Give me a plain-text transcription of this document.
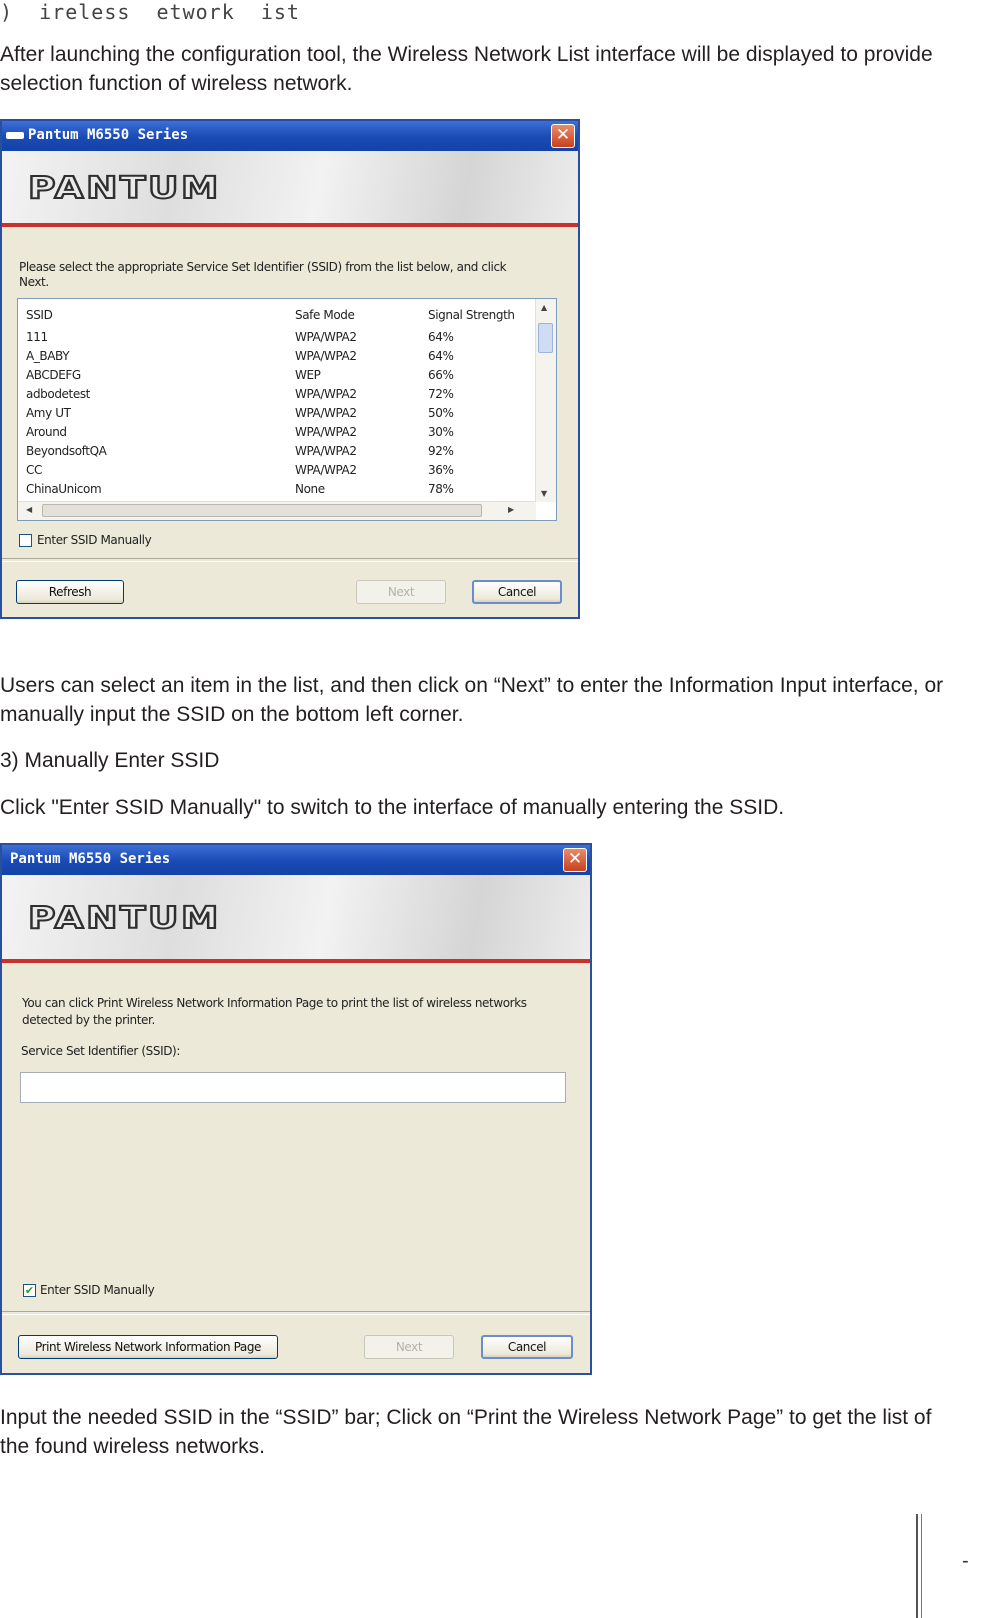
)  ireless  etwork  ist

After launching the configuration tool, the Wireless Network List interface will be displayed to provide selection function of wireless network.

Pantum M6550 Series	✕
PANTUM
Please select the appropriate Service Set Identifier (SSID) from the list below, and click Next.
SSID	Safe Mode	Signal Strength
111	WPA/WPA2	64%
A_BABY	WPA/WPA2	64%
ABCDEFG	WEP	66%
adbodetest	WPA/WPA2	72%
Amy UT	WPA/WPA2	50%
Around	WPA/WPA2	30%
BeyondsoftQA	WPA/WPA2	92%
CC	WPA/WPA2	36%
ChinaUnicom	None	78%
▲
▼
◀	▶
Enter SSID Manually
Refresh	Next	Cancel

Users can select an item in the list, and then click on “Next” to enter the Information Input interface, or manually input the SSID on the bottom left corner.

3) Manually Enter SSID

Click "Enter SSID Manually" to switch to the interface of manually entering the SSID.

Pantum M6550 Series	✕
PANTUM
You can click Print Wireless Network Information Page to print the list of wireless networks detected by the printer.
Service Set Identifier (SSID):
✔ Enter SSID Manually
Print Wireless Network Information Page	Next	Cancel

Input the needed SSID in the “SSID” bar; Click on “Print the Wireless Network Page” to get the list of the found wireless networks.

-
